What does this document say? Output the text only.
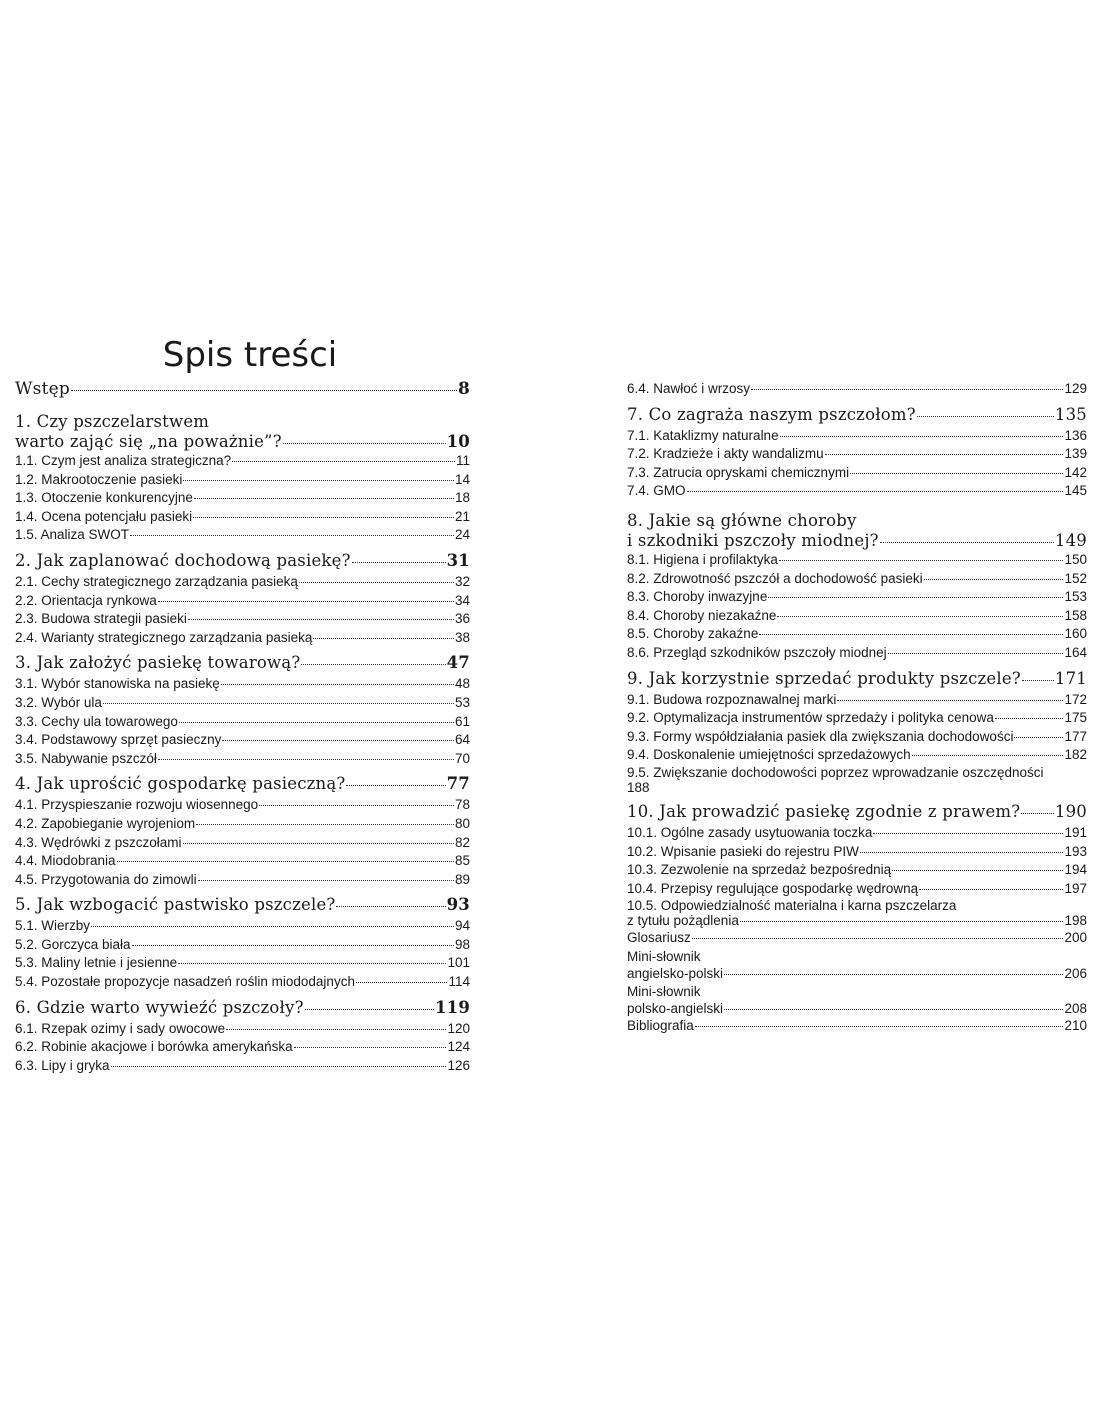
Spis treści
Wstęp	8
1. Czy pszczelarstwem
warto zająć się „na poważnie”?	10
1.1. Czym jest analiza strategiczna?	11
1.2. Makrootoczenie pasieki	14
1.3. Otoczenie konkurencyjne	18
1.4. Ocena potencjału pasieki	21
1.5. Analiza SWOT	24
2. Jak zaplanować dochodową pasiekę?	31
2.1. Cechy strategicznego zarządzania pasieką	32
2.2. Orientacja rynkowa	34
2.3. Budowa strategii pasieki	36
2.4. Warianty strategicznego zarządzania pasieką	38
3. Jak założyć pasiekę towarową?	47
3.1. Wybór stanowiska na pasiekę	48
3.2. Wybór ula	53
3.3. Cechy ula towarowego	61
3.4. Podstawowy sprzęt pasieczny	64
3.5. Nabywanie pszczół	70
4. Jak uprościć gospodarkę pasieczną?	77
4.1. Przyspieszanie rozwoju wiosennego	78
4.2. Zapobieganie wyrojeniom	80
4.3. Wędrówki z pszczołami	82
4.4. Miodobrania	85
4.5. Przygotowania do zimowli	89
5. Jak wzbogacić pastwisko pszczele?	93
5.1. Wierzby	94
5.2. Gorczyca biała	98
5.3. Maliny letnie i jesienne	101
5.4. Pozostałe propozycje nasadzeń roślin miododajnych	114
6. Gdzie warto wywieźć pszczoły?	119
6.1. Rzepak ozimy i sady owocowe	120
6.2. Robinie akacjowe i borówka amerykańska	124
6.3. Lipy i gryka	126
6.4. Nawłoć i wrzosy	129
7. Co zagraża naszym pszczołom?	135
7.1. Kataklizmy naturalne	136
7.2. Kradzieże i akty wandalizmu	139
7.3. Zatrucia opryskami chemicznymi	142
7.4. GMO	145
8. Jakie są główne choroby
i szkodniki pszczoły miodnej?	149
8.1. Higiena i profilaktyka	150
8.2. Zdrowotność pszczół a dochodowość pasieki	152
8.3. Choroby inwazyjne	153
8.4. Choroby niezakaźne	158
8.5. Choroby zakaźne	160
8.6. Przegląd szkodników pszczoły miodnej	164
9. Jak korzystnie sprzedać produkty pszczele? 171
9.1. Budowa rozpoznawalnej marki	172
9.2. Optymalizacja instrumentów sprzedaży i polityka cenowa	175
9.3. Formy współdziałania pasiek dla zwiększania dochodowości	177
9.4. Doskonalenie umiejętności sprzedażowych	182
9.5. Zwiększanie dochodowości poprzez wprowadzanie oszczędności
188
10. Jak prowadzić pasiekę zgodnie z prawem? 190
10.1. Ogólne zasady usytuowania toczka	191
10.2. Wpisanie pasieki do rejestru PIW	193
10.3. Zezwolenie na sprzedaż bezpośrednią	194
10.4. Przepisy regulujące gospodarkę wędrowną	197
10.5. Odpowiedzialność materialna i karna pszczelarza
z tytułu pożądlenia	198
Glosariusz	200
Mini-słownik
angielsko-polski	206
Mini-słownik
polsko-angielski	208
Bibliografia	210
